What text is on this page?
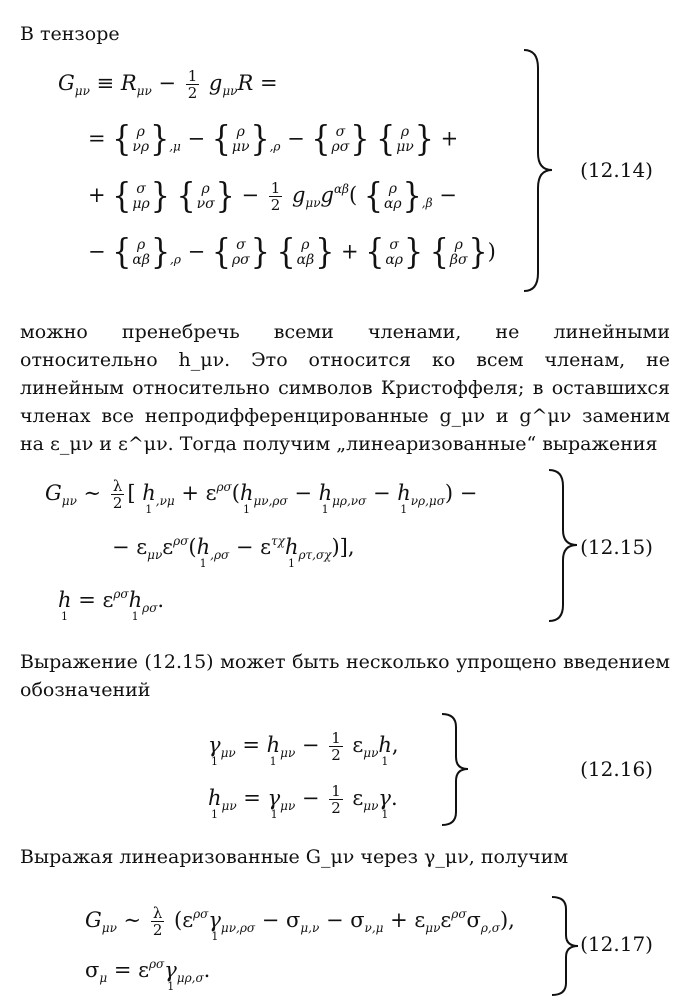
В тензоре
$G_{\mu\nu} \equiv R_{\mu\nu} - \frac{1}{2} g_{\mu\nu}R$ =
= { ρ
νρ }$_{,\mu}$ − { ρ
μν }$_{,\rho}$ − { σ
ρσ } { ρ
μν } +
+ { σ
μρ } { ρ
νσ } − $\frac{1}{2} g_{\mu\nu}g^{\alpha\beta}$( { ρ
αρ }$_{,\beta}$ −
− { ρ
αβ }$_{,\rho}$ − { σ
ρσ } { ρ
αβ } + { σ
αρ } { ρ
βσ })
(12.14)
можно пренебречь всеми членами, не линейными относительно h_μν. Это относится ко всем членам, не линейным относительно символов Кристоффеля; в оставшихся членах все непродифференцированные g_μν и g^μν заменим на ε_μν и ε^μν. Тогда получим „линеаризованные“ выражения
$G_{\mu\nu}$ ∼ $\frac{\lambda}{2}$ [ h $1_{,\nu\mu} + \varepsilon^{\rho\sigma}(h$ $1_{\mu\nu,\rho\sigma} - h$ $1_{\mu\rho,\nu\sigma} - h$ $1_{\nu\rho,\mu\sigma}$) −
− $\varepsilon_{\mu\nu}\varepsilon^{\rho\sigma}(h$ $1_{,\rho\sigma} - \varepsilon^{\tau\chi}h$ $1_{\rho\tau,\sigma\chi}$)],
h $1 = \varepsilon^{\rho\sigma}h$ $1_{\rho\sigma}$.
(12.15)
Выражение (12.15) может быть несколько упрощено введением обозначений
γ $1_{\mu\nu} = h$ $1_{\mu\nu} - \frac{1}{2} \varepsilon_{\mu\nu}h$ 1,
h $1_{\mu\nu} = \gamma$ $1_{\mu\nu} - \frac{1}{2} \varepsilon_{\mu\nu}\gamma$ 1.
(12.16)
Выражая линеаризованные G_μν через γ_μν, получим
$G_{\mu\nu}$ ∼ $\frac{\lambda}{2} (\varepsilon^{\rho\sigma}\gamma$ $1_{\mu\nu,\rho\sigma} - \sigma_{\mu,\nu} - \sigma_{\nu,\mu} + \varepsilon_{\mu\nu}\varepsilon^{\rho\sigma}\sigma_{\rho,\sigma}$),
$\sigma_\mu = \varepsilon^{\rho\sigma}\gamma$ $1_{\mu\rho,\sigma}$.
(12.17)
